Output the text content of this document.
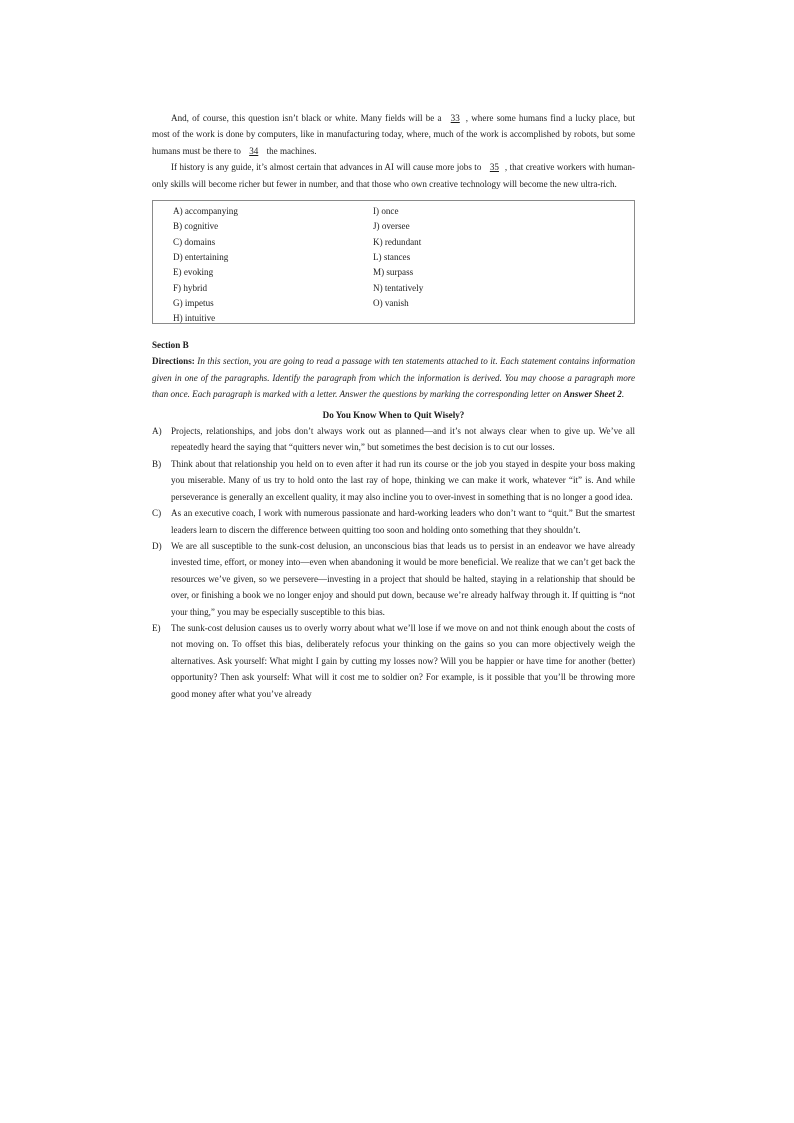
And, of course, this question isn’t black or white. Many fields will be a 33 , where some humans find a lucky place, but most of the work is done by computers, like in manufacturing today, where, much of the work is accomplished by robots, but some humans must be there to 34 the machines.

If history is any guide, it’s almost certain that advances in AI will cause more jobs to 35 , that creative workers with human-only skills will become richer but fewer in number, and that those who own creative technology will become the new ultra-rich.

A) accompanying
B) cognitive
C) domains
D) entertaining
E) evoking
F) hybrid
G) impetus
H) intuitive
I) once
J) oversee
K) redundant
L) stances
M) surpass
N) tentatively
O) vanish
Section B

Directions: In this section, you are going to read a passage with ten statements attached to it. Each statement contains information given in one of the paragraphs. Identify the paragraph from which the information is derived. You may choose a paragraph more than once. Each paragraph is marked with a letter. Answer the questions by marking the corresponding letter on Answer Sheet 2.

Do You Know When to Quit Wisely?
A)	Projects, relationships, and jobs don’t always work out as planned—and it’s not always clear when to give up. We’ve all repeatedly heard the saying that “quitters never win,” but sometimes the best decision is to cut our losses.

B)	Think about that relationship you held on to even after it had run its course or the job you stayed in despite your boss making you miserable. Many of us try to hold onto the last ray of hope, thinking we can make it work, whatever “it” is. And while perseverance is generally an excellent quality, it may also incline you to over-invest in something that is no longer a good idea.

C)	As an executive coach, I work with numerous passionate and hard-working leaders who don’t want to “quit.” But the smartest leaders learn to discern the difference between quitting too soon and holding onto something that they shouldn’t.

D)	We are all susceptible to the sunk-cost delusion, an unconscious bias that leads us to persist in an endeavor we have already invested time, effort, or money into—even when abandoning it would be more beneficial. We realize that we can’t get back the resources we’ve given, so we persevere—investing in a project that should be halted, staying in a relationship that should be over, or finishing a book we no longer enjoy and should put down, because we’re already halfway through it. If quitting is “not your thing,” you may be especially susceptible to this bias.

E)	The sunk-cost delusion causes us to overly worry about what we’ll lose if we move on and not think enough about the costs of not moving on. To offset this bias, deliberately refocus your thinking on the gains so you can more objectively weigh the alternatives. Ask yourself: What might I gain by cutting my losses now? Will you be happier or have time for another (better) opportunity? Then ask yourself: What will it cost me to soldier on? For example, is it possible that you’ll be throwing more good money after what you’ve already
